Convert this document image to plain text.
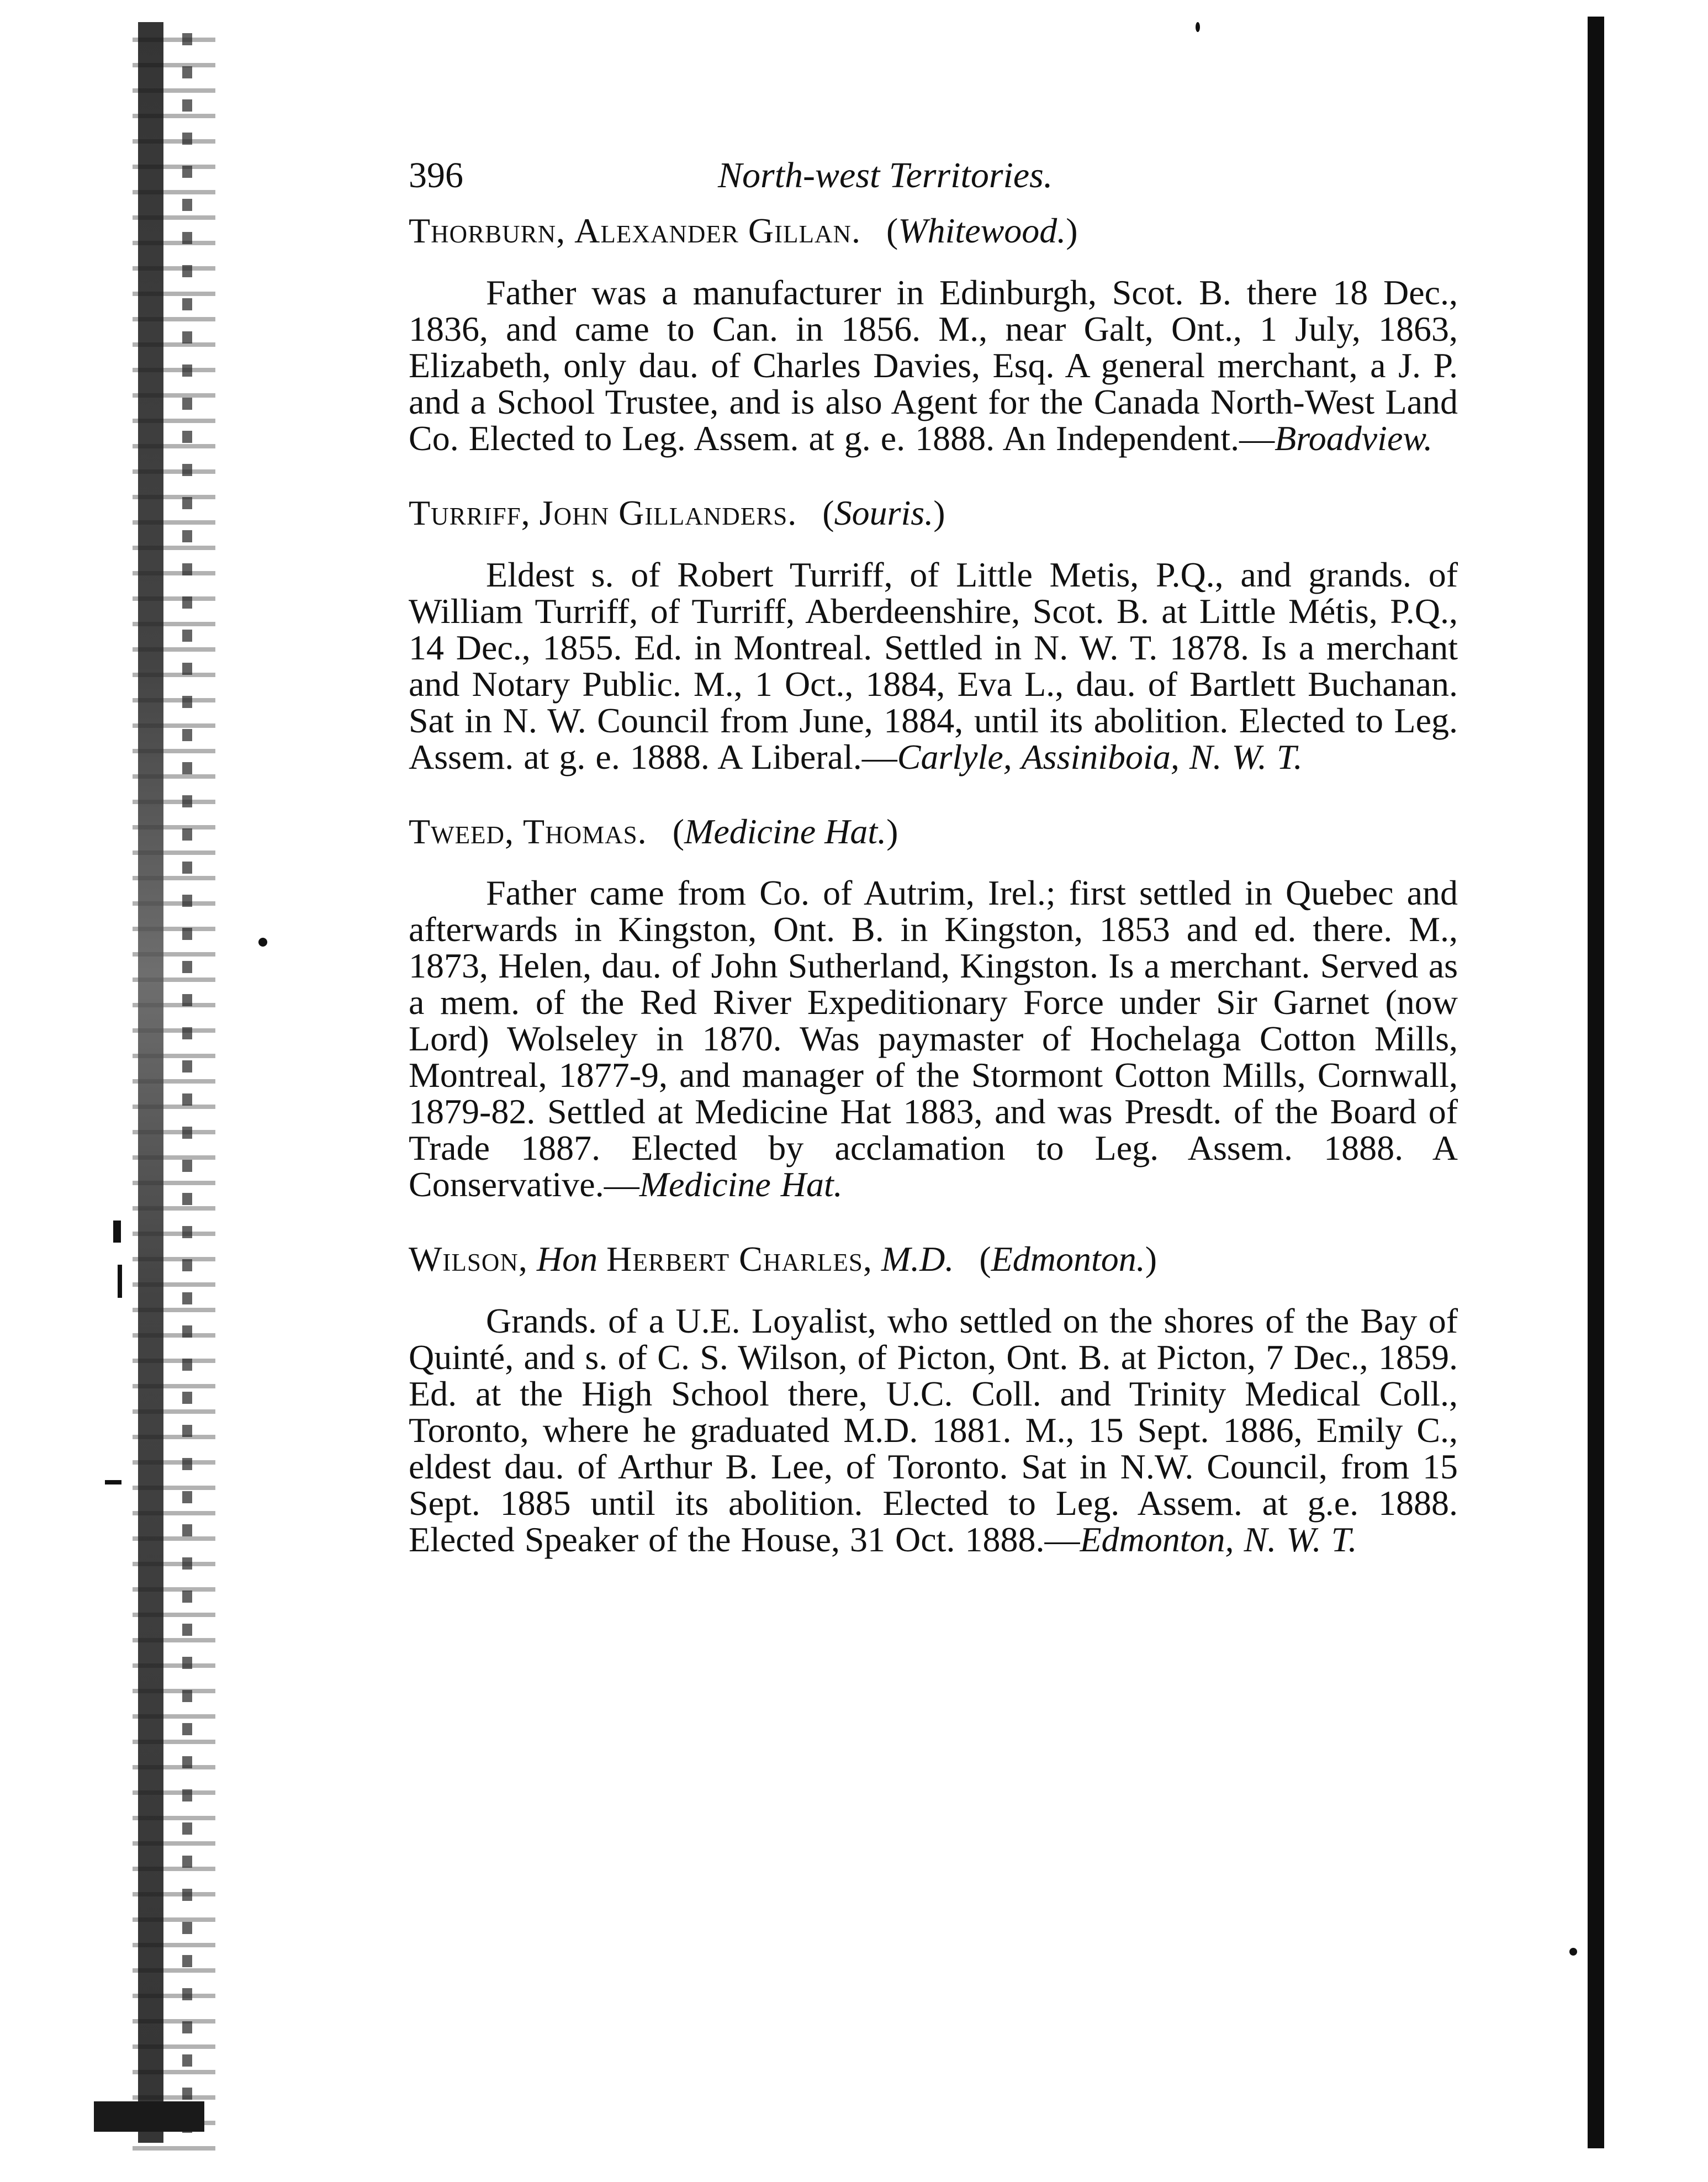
396	North-west Territories.
Thorburn, Alexander Gillan. (Whitewood.)

Father was a manufacturer in Edinburgh, Scot. B. there 18 Dec., 1836, and came to Can. in 1856. M., near Galt, Ont., 1 July, 1863, Elizabeth, only dau. of Charles Davies, Esq. A general merchant, a J. P. and a School Trustee, and is also Agent for the Canada North-West Land Co. Elected to Leg. Assem. at g. e. 1888. An Independent.—Broadview.

Turriff, John Gillanders. (Souris.)

Eldest s. of Robert Turriff, of Little Metis, P.Q., and grands. of William Turriff, of Turriff, Aberdeenshire, Scot. B. at Little Métis, P.Q., 14 Dec., 1855. Ed. in Montreal. Settled in N. W. T. 1878. Is a merchant and Notary Public. M., 1 Oct., 1884, Eva L., dau. of Bartlett Buchanan. Sat in N. W. Council from June, 1884, until its abolition. Elected to Leg. Assem. at g. e. 1888. A Liberal.—Carlyle, Assiniboia, N. W. T.

Tweed, Thomas. (Medicine Hat.)

Father came from Co. of Autrim, Irel.; first settled in Quebec and afterwards in Kingston, Ont. B. in Kingston, 1853 and ed. there. M., 1873, Helen, dau. of John Sutherland, Kingston. Is a merchant. Served as a mem. of the Red River Expeditionary Force under Sir Garnet (now Lord) Wolseley in 1870. Was paymaster of Hochelaga Cotton Mills, Montreal, 1877-9, and manager of the Stormont Cotton Mills, Cornwall, 1879-82. Settled at Medicine Hat 1883, and was Presdt. of the Board of Trade 1887. Elected by acclamation to Leg. Assem. 1888. A Conservative.—Medicine Hat.

Wilson, Hon Herbert Charles, M.D. (Edmonton.)

Grands. of a U.E. Loyalist, who settled on the shores of the Bay of Quinté, and s. of C. S. Wilson, of Picton, Ont. B. at Picton, 7 Dec., 1859. Ed. at the High School there, U.C. Coll. and Trinity Medical Coll., Toronto, where he graduated M.D. 1881. M., 15 Sept. 1886, Emily C., eldest dau. of Arthur B. Lee, of Toronto. Sat in N.W. Council, from 15 Sept. 1885 until its abolition. Elected to Leg. Assem. at g.e. 1888. Elected Speaker of the House, 31 Oct. 1888.—Edmonton, N. W. T.
